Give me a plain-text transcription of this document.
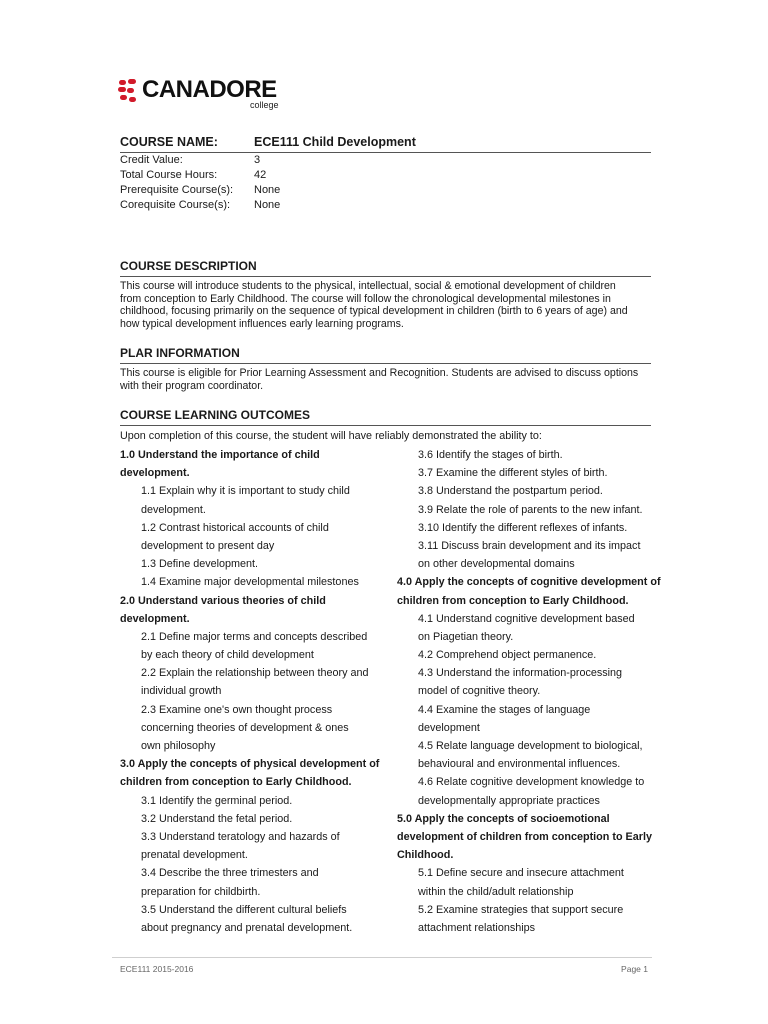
CANADORE
college
COURSE NAME:	ECE111 Child Development
Credit Value:	3
Total Course Hours:	42
Prerequisite Course(s): None
Corequisite Course(s): None
COURSE DESCRIPTION
This course will introduce students to the physical, intellectual, social & emotional development of children
from conception to Early Childhood. The course will follow the chronological developmental milestones in
childhood, focusing primarily on the sequence of typical development in children (birth to 6 years of age) and
how typical development influences early learning programs.
PLAR INFORMATION
This course is eligible for Prior Learning Assessment and Recognition. Students are advised to discuss options
with their program coordinator.
COURSE LEARNING OUTCOMES
Upon completion of this course, the student will have reliably demonstrated the ability to:
1.0 Understand the importance of child
development.
1.1 Explain why it is important to study child
development.
1.2 Contrast historical accounts of child
development to present day
1.3 Define development.
1.4 Examine major developmental milestones
2.0 Understand various theories of child
development.
2.1 Define major terms and concepts described
by each theory of child development
2.2 Explain the relationship between theory and
individual growth
2.3 Examine one's own thought process
concerning theories of development & ones
own philosophy
3.0 Apply the concepts of physical development of
children from conception to Early Childhood.
3.1 Identify the germinal period.
3.2 Understand the fetal period.
3.3 Understand teratology and hazards of
prenatal development.
3.4 Describe the three trimesters and
preparation for childbirth.
3.5 Understand the different cultural beliefs
about pregnancy and prenatal development.
3.6 Identify the stages of birth.
3.7 Examine the different styles of birth.
3.8 Understand the postpartum period.
3.9 Relate the role of parents to the new infant.
3.10 Identify the different reflexes of infants.
3.11 Discuss brain development and its impact
on other developmental domains
4.0 Apply the concepts of cognitive development of
children from conception to Early Childhood.
4.1 Understand cognitive development based
on Piagetian theory.
4.2 Comprehend object permanence.
4.3 Understand the information-processing
model of cognitive theory.
4.4 Examine the stages of language
development
4.5 Relate language development to biological,
behavioural and environmental influences.
4.6 Relate cognitive development knowledge to
developmentally appropriate practices
5.0 Apply the concepts of socioemotional
development of children from conception to Early
Childhood.
5.1 Define secure and insecure attachment
within the child/adult relationship
5.2 Examine strategies that support secure
attachment relationships
ECE111 2015-2016	Page 1
